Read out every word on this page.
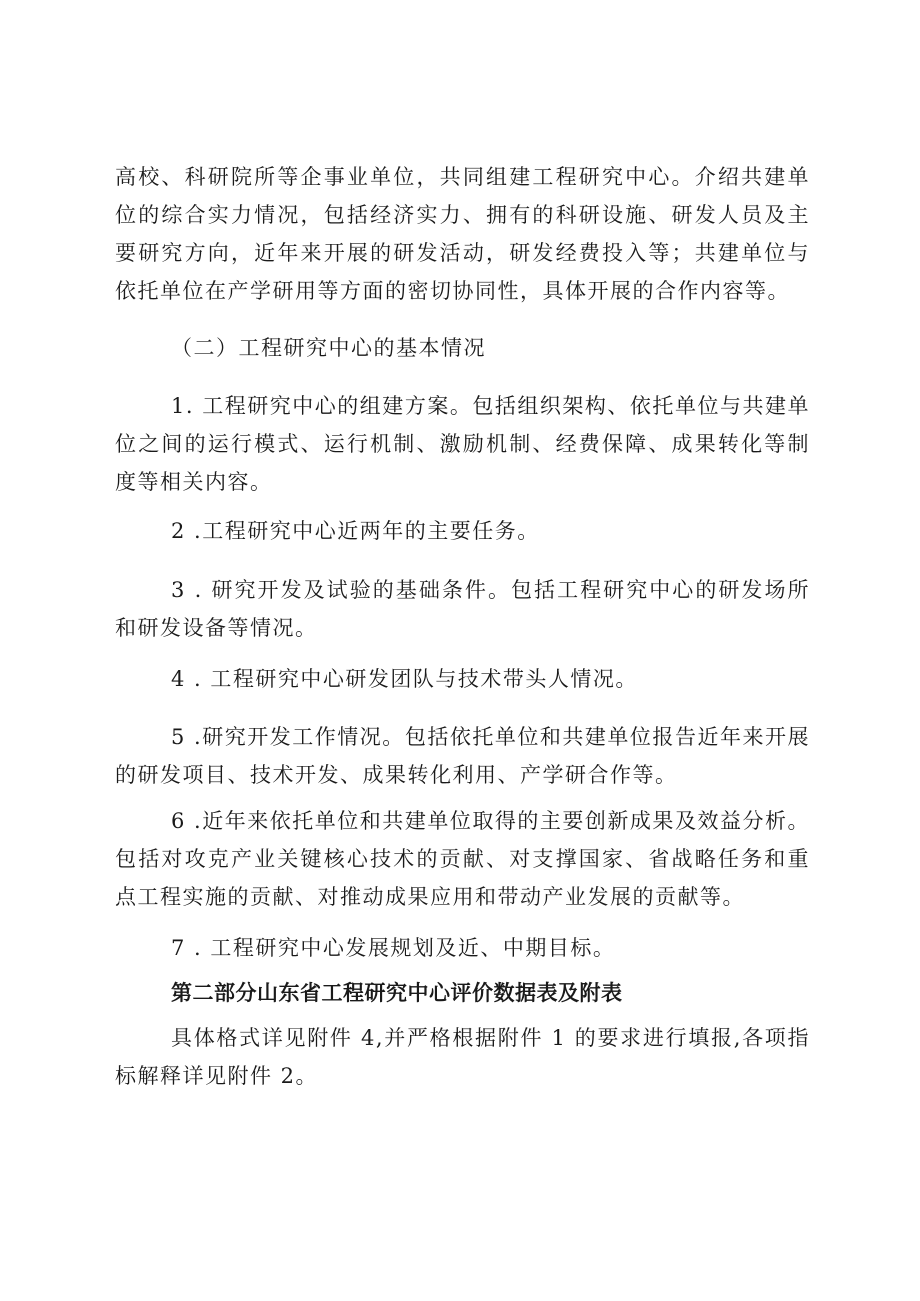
高校、科研院所等企事业单位，共同组建工程研究中心。介绍共建单位的综合实力情况，包括经济实力、拥有的科研设施、研发人员及主要研究方向，近年来开展的研发活动，研发经费投入等；共建单位与依托单位在产学研用等方面的密切协同性，具体开展的合作内容等。

（二）工程研究中心的基本情况

1. 工程研究中心的组建方案。包括组织架构、依托单位与共建单位之间的运行模式、运行机制、激励机制、经费保障、成果转化等制度等相关内容。

2 .工程研究中心近两年的主要任务。

3 . 研究开发及试验的基础条件。包括工程研究中心的研发场所和研发设备等情况。

4 . 工程研究中心研发团队与技术带头人情况。

5 .研究开发工作情况。包括依托单位和共建单位报告近年来开展的研发项目、技术开发、成果转化利用、产学研合作等。

6 .近年来依托单位和共建单位取得的主要创新成果及效益分析。包括对攻克产业关键核心技术的贡献、对支撑国家、省战略任务和重点工程实施的贡献、对推动成果应用和带动产业发展的贡献等。

7 . 工程研究中心发展规划及近、中期目标。

第二部分山东省工程研究中心评价数据表及附表

具体格式详见附件 4,并严格根据附件 1 的要求进行填报,各项指标解释详见附件 2。
